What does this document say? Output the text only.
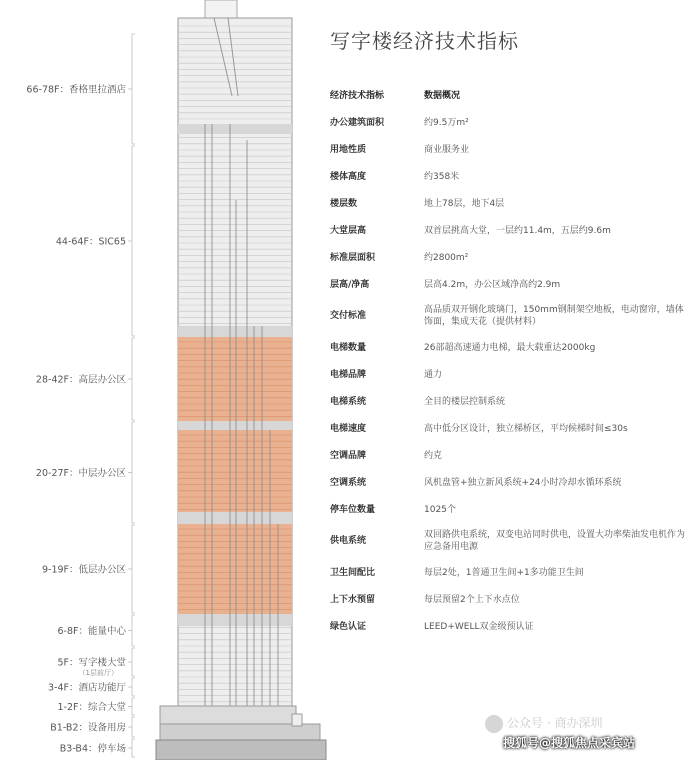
66-78F：香格里拉酒店
44-64F：SIC65
28-42F：高层办公区
20-27F：中层办公区
9-19F：低层办公区
6-8F：能量中心
5F：写字楼大堂
（1层前厅）
3-4F：酒店功能厅
1-2F：综合大堂
B1-B2：设备用房
B3-B4：停车场
写字楼经济技术指标
经济技术指标	数据概况
办公建筑面积	约9.5万m²
用地性质	商业服务业
楼体高度	约358米
楼层数	地上78层，地下4层
大堂层高	双首层挑高大堂，一层约11.4m，五层约9.6m
标准层面积	约2800m²
层高/净高	层高4.2m，办公区域净高约2.9m
交付标准	高品质双开钢化玻璃门，150mm钢制架空地板，电动窗帘，墙体饰面，集成天花（提供材料）
电梯数量	26部超高速通力电梯，最大载重达2000kg
电梯品牌	通力
电梯系统	全目的楼层控制系统
电梯速度	高中低分区设计，独立梯桥区，平均候梯时间≤30s
空调品牌	约克
空调系统	风机盘管+独立新风系统+24小时冷却水循环系统
停车位数量	1025个
供电系统	双回路供电系统，双变电站同时供电，设置大功率柴油发电机作为应急备用电源
卫生间配比	每层2处，1普通卫生间+1多功能卫生间
上下水预留	每层预留2个上下水点位
绿色认证	LEED+WELL双金级预认证
公众号 · 商办深圳
搜狐号@搜狐焦点采宾站
